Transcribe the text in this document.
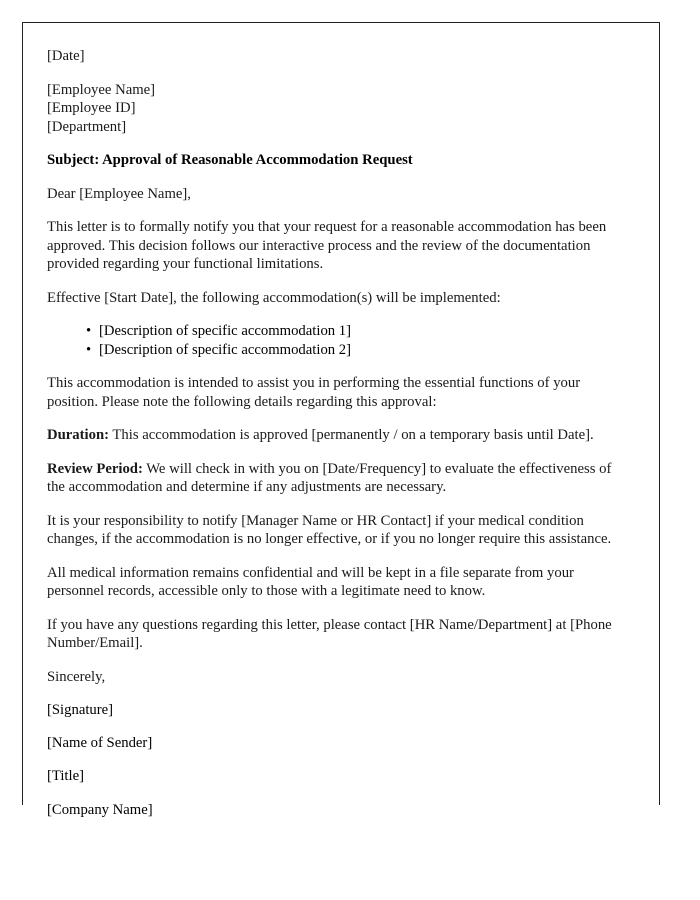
[Date]

[Employee Name]

[Employee ID]

[Department]

Subject: Approval of Reasonable Accommodation Request

Dear [Employee Name],

This letter is to formally notify you that your request for a reasonable accommodation has been approved. This decision follows our interactive process and the review of the documentation provided regarding your functional limitations.

Effective [Start Date], the following accommodation(s) will be implemented:

• [Description of specific accommodation 1]
• [Description of specific accommodation 2]

This accommodation is intended to assist you in performing the essential functions of your position. Please note the following details regarding this approval:

Duration: This accommodation is approved [permanently / on a temporary basis until Date].

Review Period: We will check in with you on [Date/Frequency] to evaluate the effectiveness of the accommodation and determine if any adjustments are necessary.

It is your responsibility to notify [Manager Name or HR Contact] if your medical condition changes, if the accommodation is no longer effective, or if you no longer require this assistance.

All medical information remains confidential and will be kept in a file separate from your personnel records, accessible only to those with a legitimate need to know.

If you have any questions regarding this letter, please contact [HR Name/Department] at [Phone Number/Email].

Sincerely,

[Signature]

[Name of Sender]

[Title]

[Company Name]
